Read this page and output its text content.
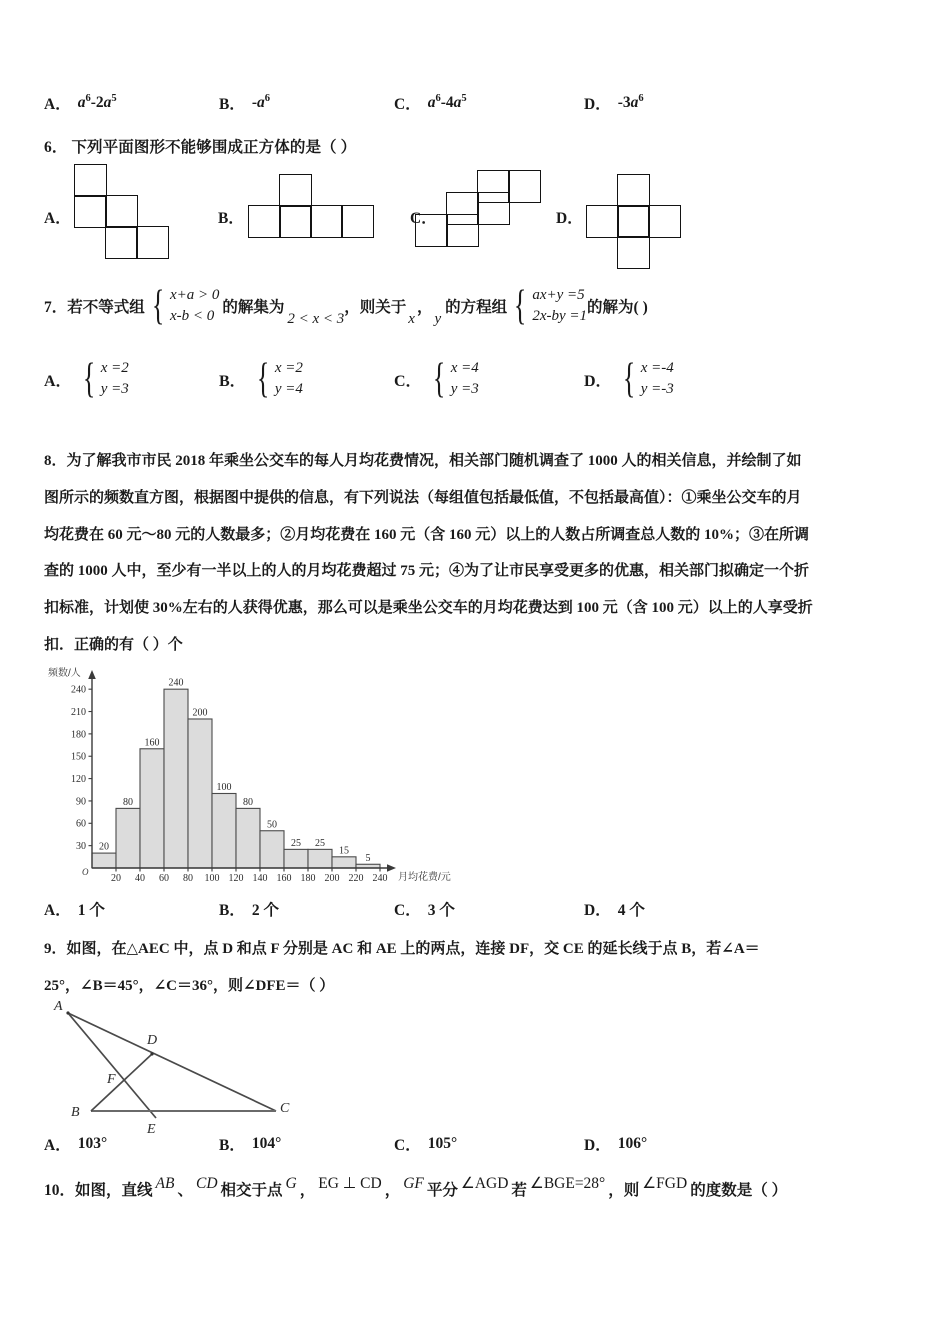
A． $a^6-2a^5$	B． $-a^6$	C． $a^6-4a^5$	D． $-3a^6$
6． 下列平面图形不能够围成正方体的是（ ）
A．	B．	C．	D．
7． 若不等式组 { x+a > 0
x-b < 0 的解集为
2 < x < 3
，则关于
x
，
y
的方程组 { ax+y =5
2x-by =1 的解为( )
A． { x =2
y =3	B． { x =2
y =4	C． { x =4
y =3	D． { x =-4
y =-3
8．为了解我市市民 2018 年乘坐公交车的每人月均花费情况，相关部门随机调查了 1000 人的相关信息，并绘制了如
图所示的频数直方图，根据图中提供的信息，有下列说法（每组值包括最低值，不包括最高值）：①乘坐公交车的月
均花费在 60 元～80 元的人数最多；②月均花费在 160 元（含 160 元）以上的人数占所调查总人数的 10%；③在所调
查的 1000 人中，至少有一半以上的人的月均花费超过 75 元；④为了让市民享受更多的优惠，相关部门拟确定一个折
扣标准，计划使 30%左右的人获得优惠，那么可以是乘坐公交车的月均花费达到 100 元（含 100 元）以上的人享受折
扣．正确的有（ ）个
频数/人
月均花费/元
O
30
60
90
120
150
180
210
240
20 40 60 80 100 120 140 160 180 200 220 240
20
80
160
240
200
100
80
50
25 25
15
5
A． 1 个	B． 2 个	C． 3 个	D． 4 个
9．如图，在△AEC 中，点 D 和点 F 分别是 AC 和 AE 上的两点，连接 DF，交 CE 的延长线于点 B，若∠A＝
25°，∠B＝45°，∠C＝36°，则∠DFE＝（ ）
A
D
F
B
E
C
A． 103°	B． 104°	C． 105°	D． 106°
10． 如图，直线 AB 、 CD 相交于点 G ， EG ⊥ CD ， GF 平分 ∠AGD 若 ∠BGE=28° ，则 ∠FGD 的度数是（ ）
